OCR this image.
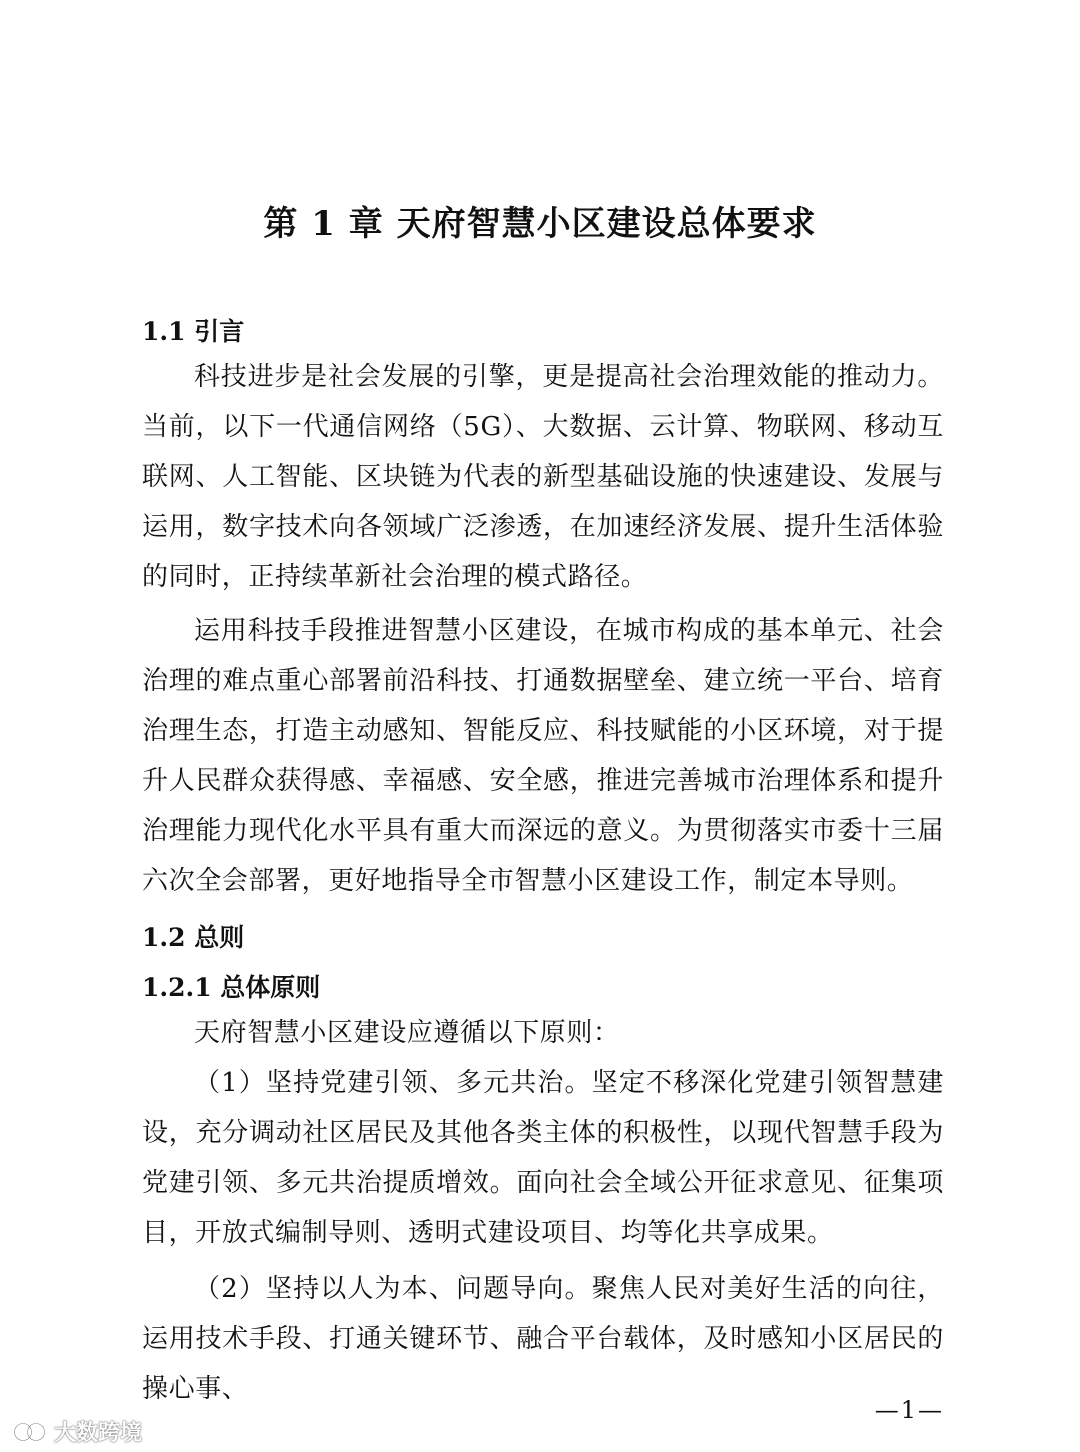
第 1 章 天府智慧小区建设总体要求
1.1 引言

科技进步是社会发展的引擎，更是提高社会治理效能的推动力。当前，以下一代通信网络（5G）、大数据、云计算、物联网、移动互联网、人工智能、区块链为代表的新型基础设施的快速建设、发展与运用，数字技术向各领域广泛渗透，在加速经济发展、提升生活体验的同时，正持续革新社会治理的模式路径。

运用科技手段推进智慧小区建设，在城市构成的基本单元、社会治理的难点重心部署前沿科技、打通数据壁垒、建立统一平台、培育治理生态，打造主动感知、智能反应、科技赋能的小区环境，对于提升人民群众获得感、幸福感、安全感，推进完善城市治理体系和提升治理能力现代化水平具有重大而深远的意义。为贯彻落实市委十三届六次全会部署，更好地指导全市智慧小区建设工作，制定本导则。

1.2 总则
1.2.1 总体原则

天府智慧小区建设应遵循以下原则：

（1）坚持党建引领、多元共治。坚定不移深化党建引领智慧建设，充分调动社区居民及其他各类主体的积极性，以现代智慧手段为党建引领、多元共治提质增效。面向社会全域公开征求意见、征集项目，开放式编制导则、透明式建设项目、均等化共享成果。

（2）坚持以人为本、问题导向。聚焦人民对美好生活的向往，运用技术手段、打通关键环节、融合平台载体，及时感知小区居民的操心事、

—1—
大数跨境
